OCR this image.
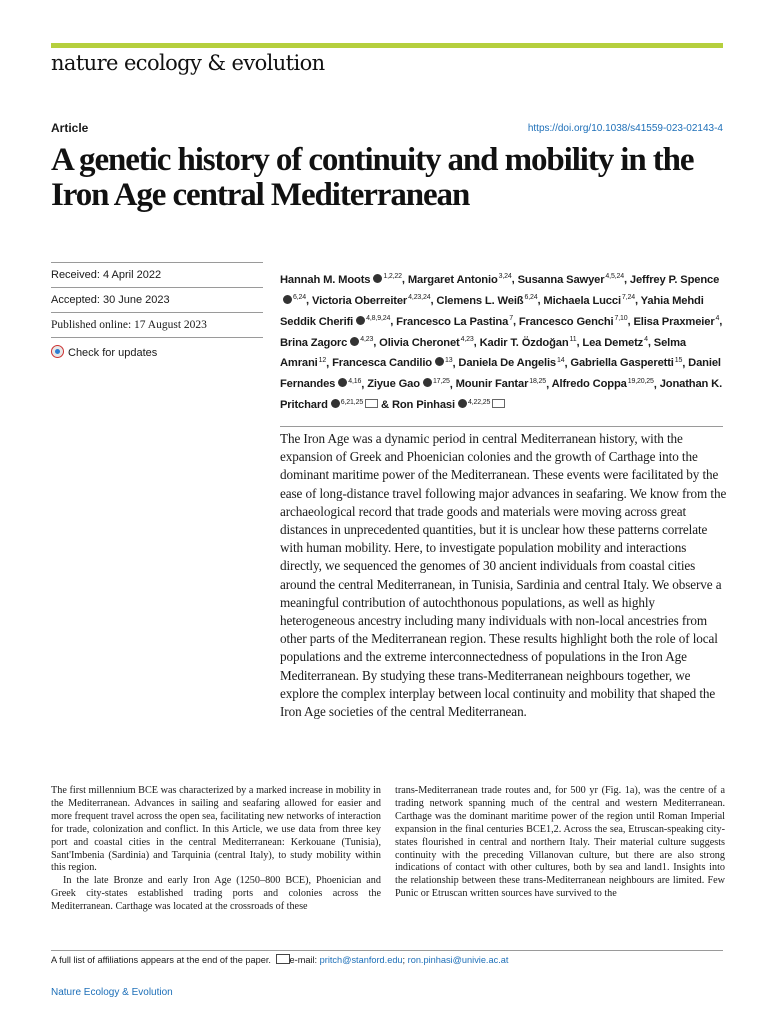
nature ecology & evolution
Article	https://doi.org/10.1038/s41559-023-02143-4
A genetic history of continuity and mobility in the Iron Age central Mediterranean
Received: 4 April 2022
Accepted: 30 June 2023
Published online: 17 August 2023
Check for updates

Hannah M. Moots $^{1,2,22}$, Margaret Antonio$^{3,24}$, Susanna Sawyer$^{4,5,24}$, Jeffrey P. Spence$^{6,24}$, Victoria Oberreiter$^{4,23,24}$, Clemens L. Weiß$^{6,24}$, Michaela Lucci$^{7,24}$, Yahia Mehdi Seddik Cherifi $^{4,8,9,24}$, Francesco La Pastina$^7$, Francesco Genchi$^{7,10}$, Elisa Praxmeier$^4$, Brina Zagorc $^{4,23}$, Olivia Cheronet$^{4,23}$, Kadir T. Özdoğan$^{11}$, Lea Demetz$^4$, Selma Amrani$^{12}$, Francesca Candilio $^{13}$, Daniela De Angelis$^{14}$, Gabriella Gasperetti$^{15}$, Daniel Fernandes $^{4,16}$, Ziyue Gao $^{17,25}$, Mounir Fantar$^{18,25}$, Alfredo Coppa$^{19,20,25}$, Jonathan K. Pritchard $^{6,21,25}$ & Ron Pinhasi $^{4,22,25}$

The Iron Age was a dynamic period in central Mediterranean history, with the expansion of Greek and Phoenician colonies and the growth of Carthage into the dominant maritime power of the Mediterranean. These events were facilitated by the ease of long-distance travel following major advances in seafaring. We know from the archaeological record that trade goods and materials were moving across great distances in unprecedented quantities, but it is unclear how these patterns correlate with human mobility. Here, to investigate population mobility and interactions directly, we sequenced the genomes of 30 ancient individuals from coastal cities around the central Mediterranean, in Tunisia, Sardinia and central Italy. We observe a meaningful contribution of autochthonous populations, as well as highly heterogeneous ancestry including many individuals with non-local ancestries from other parts of the Mediterranean region. These results highlight both the role of local populations and the extreme interconnectedness of populations in the Iron Age Mediterranean. By studying these trans-Mediterranean neighbours together, we explore the complex interplay between local continuity and mobility that shaped the Iron Age societies of the central Mediterranean.

The first millennium BCE was characterized by a marked increase in mobility in the Mediterranean. Advances in sailing and seafaring allowed for easier and more frequent travel across the open sea, facilitating new networks of interaction for trade, colonization and conflict. In this Article, we use data from three key port and coastal cities in the central Mediterranean: Kerkouane (Tunisia), Sant'Imbenia (Sardinia) and Tarquinia (central Italy), to study mobility within this region.

In the late Bronze and early Iron Age (1250–800 BCE), Phoenician and Greek city-states established trading ports and colonies across the Mediterranean. Carthage was located at the crossroads of these

trans-Mediterranean trade routes and, for 500 yr (Fig. 1a), was the centre of a trading network spanning much of the central and western Mediterranean. Carthage was the dominant maritime power of the region until Roman Imperial expansion in the final centuries BCE1,2. Across the sea, Etruscan-speaking city-states flourished in central and northern Italy. Their material culture suggests continuity with the preceding Villanovan culture, but there are also strong indications of contact with other cultures, both by sea and land1. Insights into the relationship between these trans-Mediterranean neighbours are limited. Few Punic or Etruscan written sources have survived to the

A full list of affiliations appears at the end of the paper. e-mail: pritch@stanford.edu; ron.pinhasi@univie.ac.at
Nature Ecology & Evolution
